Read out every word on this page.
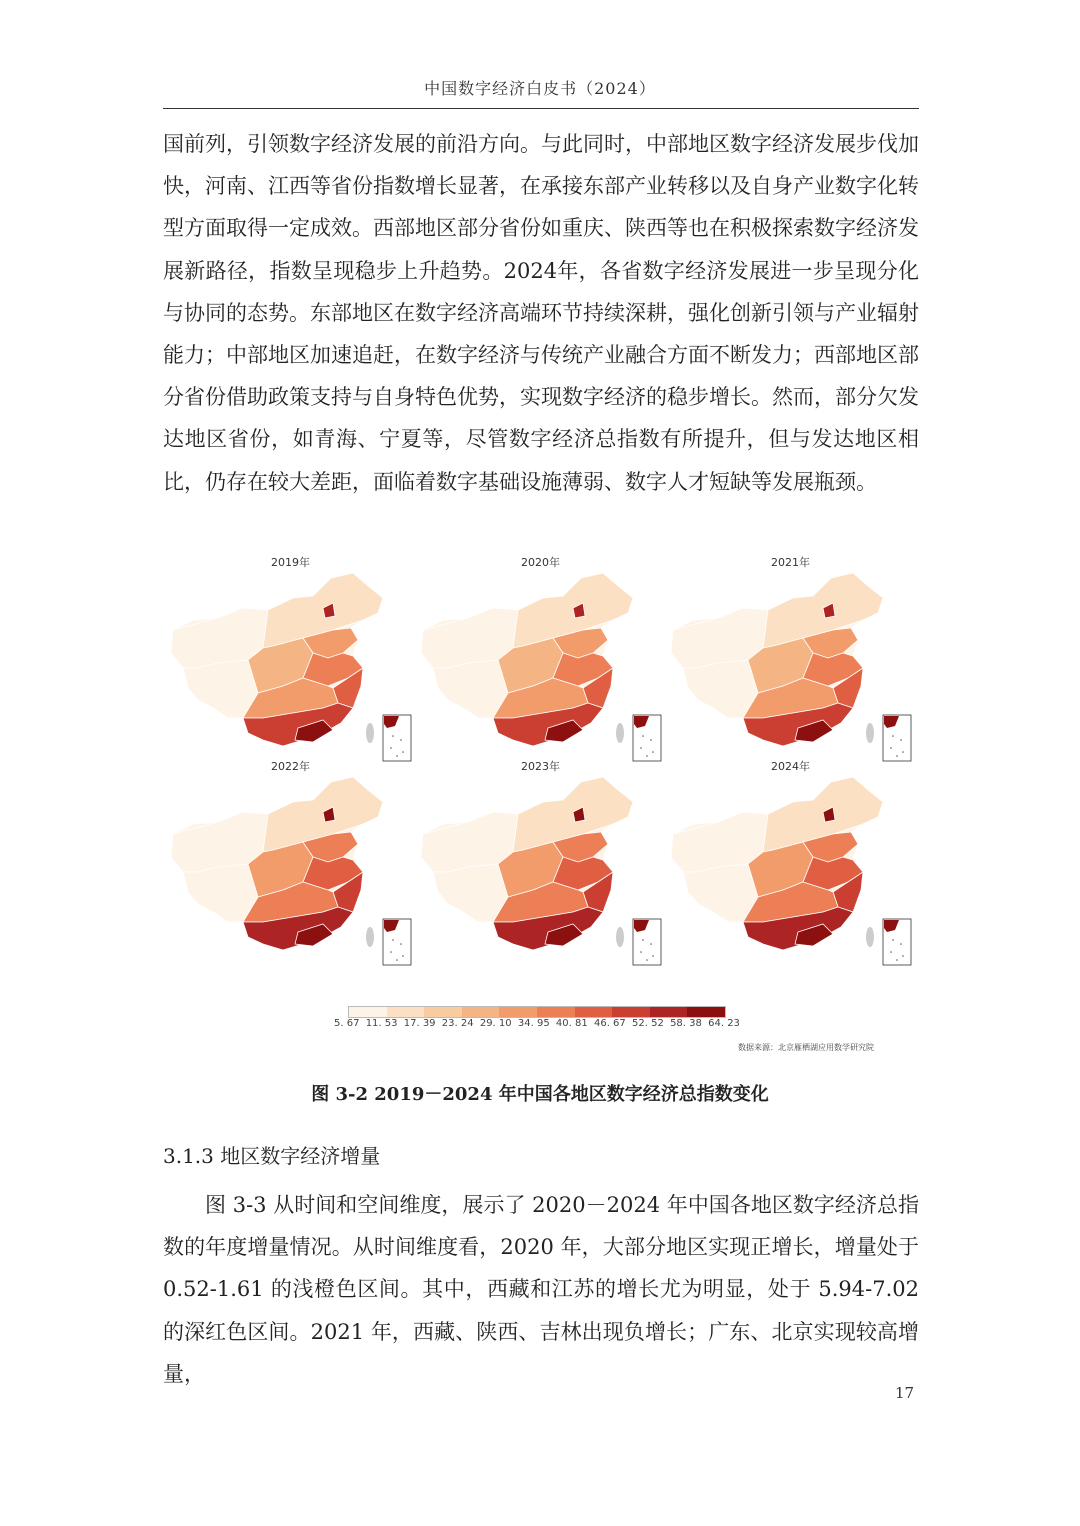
中国数字经济白皮书（2024）

国前列，引领数字经济发展的前沿方向。与此同时，中部地区数字经济发展步伐加快，河南、江西等省份指数增长显著，在承接东部产业转移以及自身产业数字化转型方面取得一定成效。西部地区部分省份如重庆、陕西等也在积极探索数字经济发展新路径，指数呈现稳步上升趋势。2024年，各省数字经济发展进一步呈现分化与协同的态势。东部地区在数字经济高端环节持续深耕，强化创新引领与产业辐射能力；中部地区加速追赶，在数字经济与传统产业融合方面不断发力；西部地区部分省份借助政策支持与自身特色优势，实现数字经济的稳步增长。然而，部分欠发达地区省份，如青海、宁夏等，尽管数字经济总指数有所提升，但与发达地区相比，仍存在较大差距，面临着数字基础设施薄弱、数字人才短缺等发展瓶颈。

2019年	2020年	2021年
2022年	2023年	2024年
5. 67 11. 53 17. 39 23. 24 29. 10 34. 95 40. 81 46. 67 52. 52 58. 38 64. 23
数据来源：北京雁栖湖应用数学研究院
图 3-2 2019－2024 年中国各地区数字经济总指数变化
3.1.3 地区数字经济增量

图 3-3 从时间和空间维度，展示了 2020－2024 年中国各地区数字经济总指数的年度增量情况。从时间维度看，2020 年，大部分地区实现正增长，增量处于 0.52-1.61 的浅橙色区间。其中，西藏和江苏的增长尤为明显，处于 5.94-7.02 的深红色区间。2021 年，西藏、陕西、吉林出现负增长；广东、北京实现较高增量，

17
